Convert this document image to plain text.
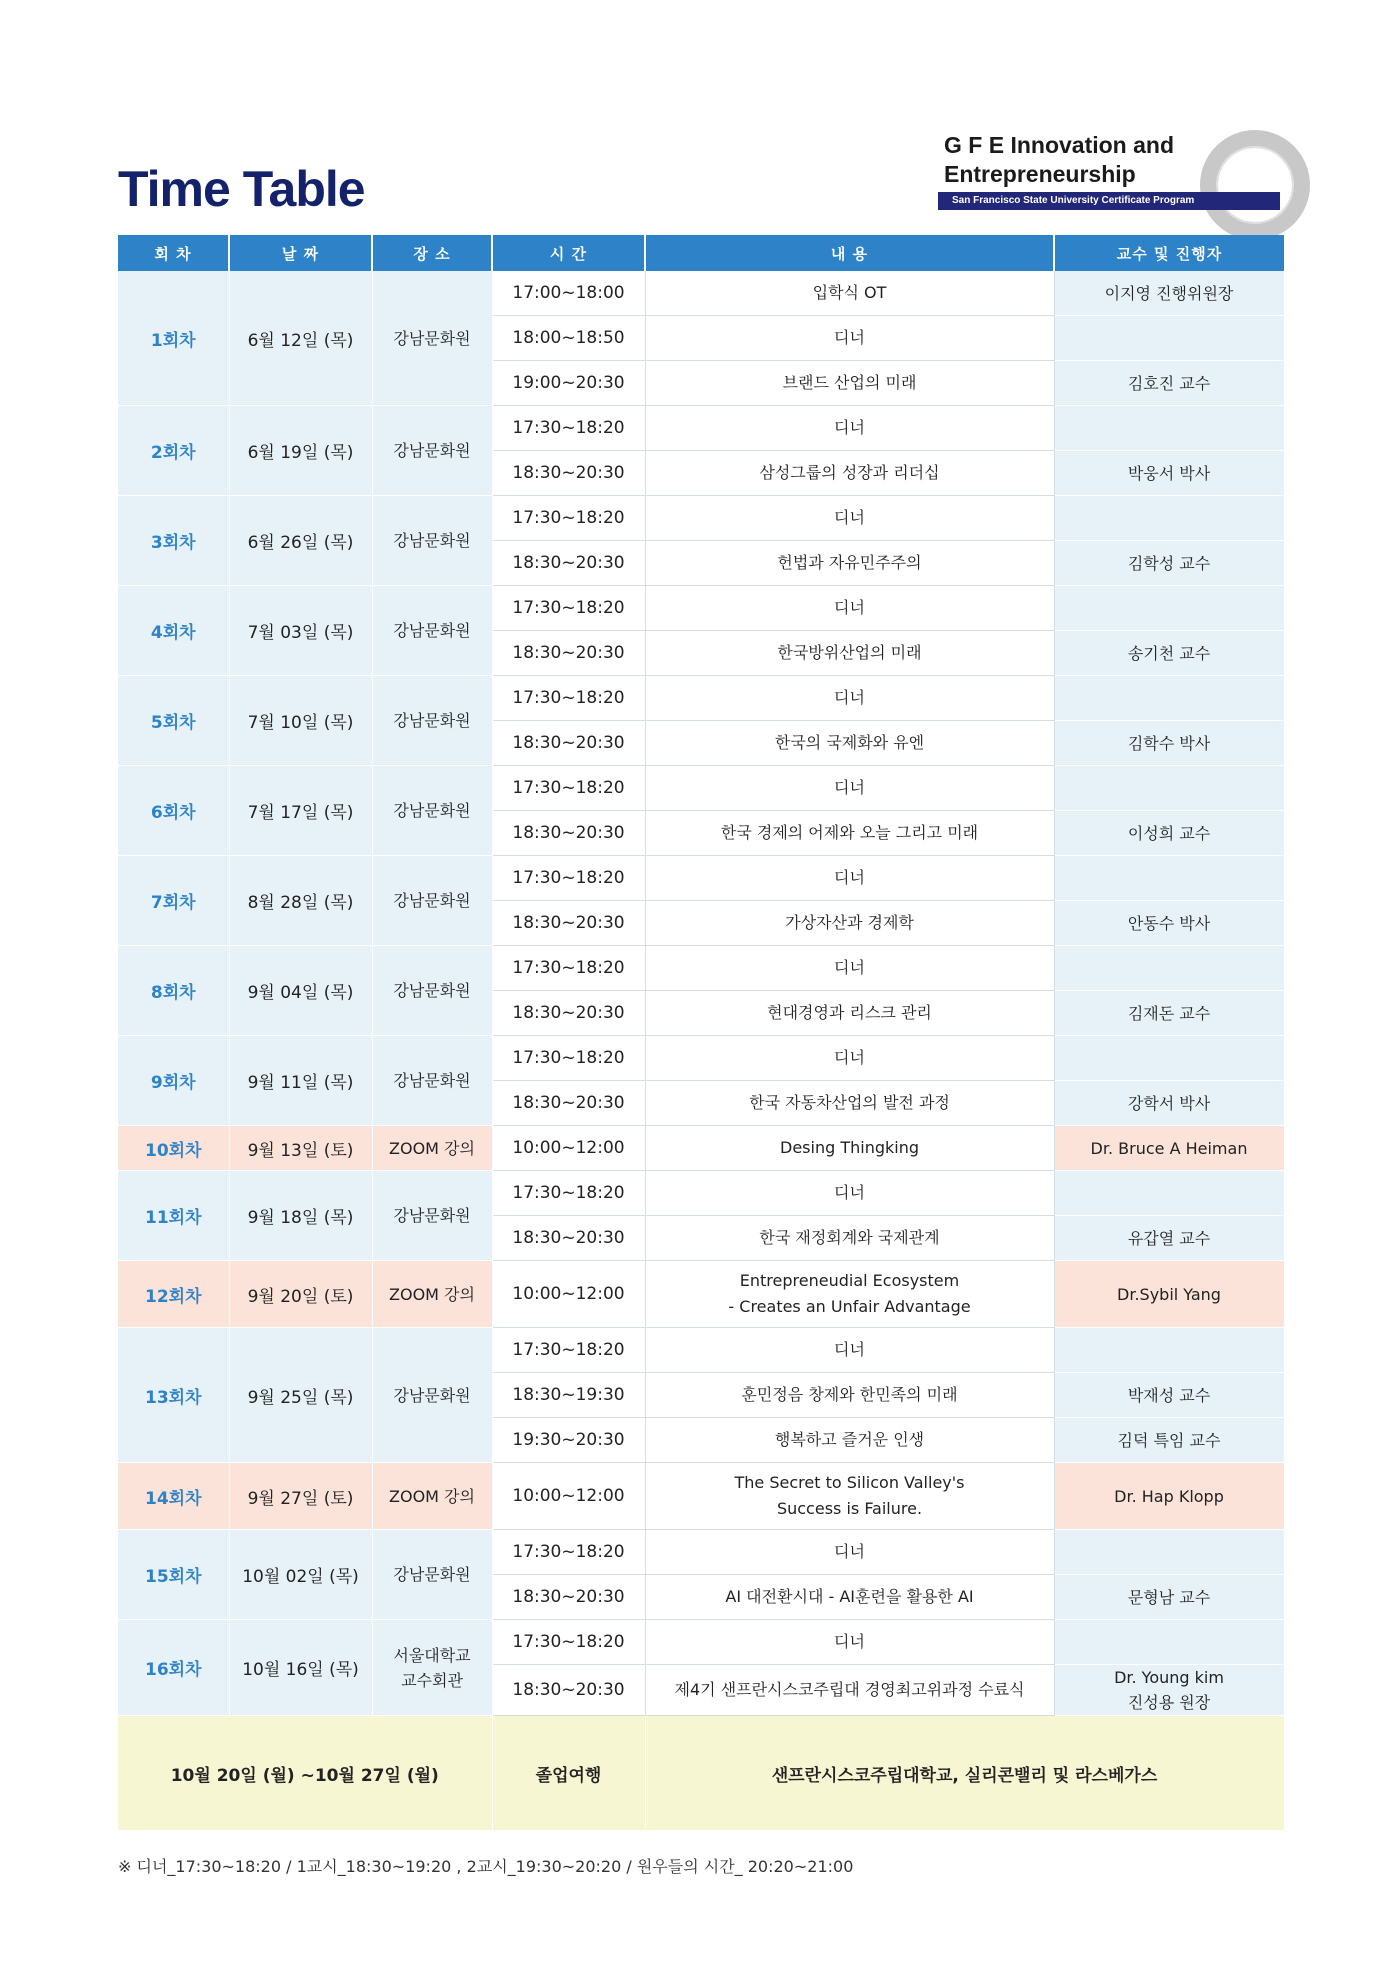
Time Table
G F E Innovation and
Entrepreneurship
San Francisco State University Certificate Program
회 차	날 짜	장 소	시 간	내 용	교수 및 진행자
1회차	6월 12일 (목)	강남문화원	17:00~18:00	입학식 OT	이지영 진행위원장

			18:00~18:50	디너	

			19:00~20:30	브랜드 산업의 미래	김호진 교수

2회차	6월 19일 (목)	강남문화원	17:30~18:20	디너	

			18:30~20:30	삼성그룹의 성장과 리더십	박웅서 박사

3회차	6월 26일 (목)	강남문화원	17:30~18:20	디너	

			18:30~20:30	헌법과 자유민주주의	김학성 교수

4회차	7월 03일 (목)	강남문화원	17:30~18:20	디너	

			18:30~20:30	한국방위산업의 미래	송기천 교수

5회차	7월 10일 (목)	강남문화원	17:30~18:20	디너	

			18:30~20:30	한국의 국제화와 유엔	김학수 박사

6회차	7월 17일 (목)	강남문화원	17:30~18:20	디너	

			18:30~20:30	한국 경제의 어제와 오늘 그리고 미래	이성희 교수

7회차	8월 28일 (목)	강남문화원	17:30~18:20	디너	

			18:30~20:30	가상자산과 경제학	안동수 박사

8회차	9월 04일 (목)	강남문화원	17:30~18:20	디너	

			18:30~20:30	현대경영과 리스크 관리	김재돈 교수

9회차	9월 11일 (목)	강남문화원	17:30~18:20	디너	

			18:30~20:30	한국 자동차산업의 발전 과정	강학서 박사

10회차	9월 13일 (토)	ZOOM 강의	10:00~12:00	Desing Thingking	Dr. Bruce A Heiman

11회차	9월 18일 (목)	강남문화원	17:30~18:20	디너	

			18:30~20:30	한국 재정회계와 국제관계	유갑열 교수

12회차	9월 20일 (토)	ZOOM 강의	10:00~12:00	Entrepreneudial Ecosystem
- Creates an Unfair Advantage	Dr.Sybil Yang

13회차	9월 25일 (목)	강남문화원	17:30~18:20	디너	

			18:30~19:30	훈민정음 창제와 한민족의 미래	박재성 교수

			19:30~20:30	행복하고 즐거운 인생	김덕 특임 교수

14회차	9월 27일 (토)	ZOOM 강의	10:00~12:00	The Secret to Silicon Valley's
Success is Failure.	Dr. Hap Klopp

15회차	10월 02일 (목)	강남문화원	17:30~18:20	디너	

			18:30~20:30	AI 대전환시대 - AI훈련을 활용한 AI	문형남 교수

16회차	10월 16일 (목)	서울대학교
교수회관	17:30~18:20	디너	

			18:30~20:30	제4기 샌프란시스코주립대 경영최고위과정 수료식	Dr. Young kim
진성용 원장

10월 20일 (월) ~10월 27일 (월)			졸업여행	샌프란시스코주립대학교, 실리콘밸리 및 라스베가스	
※ 디너_17:30~18:20 / 1교시_18:30~19:20 , 2교시_19:30~20:20 / 원우들의 시간_ 20:20~21:00
